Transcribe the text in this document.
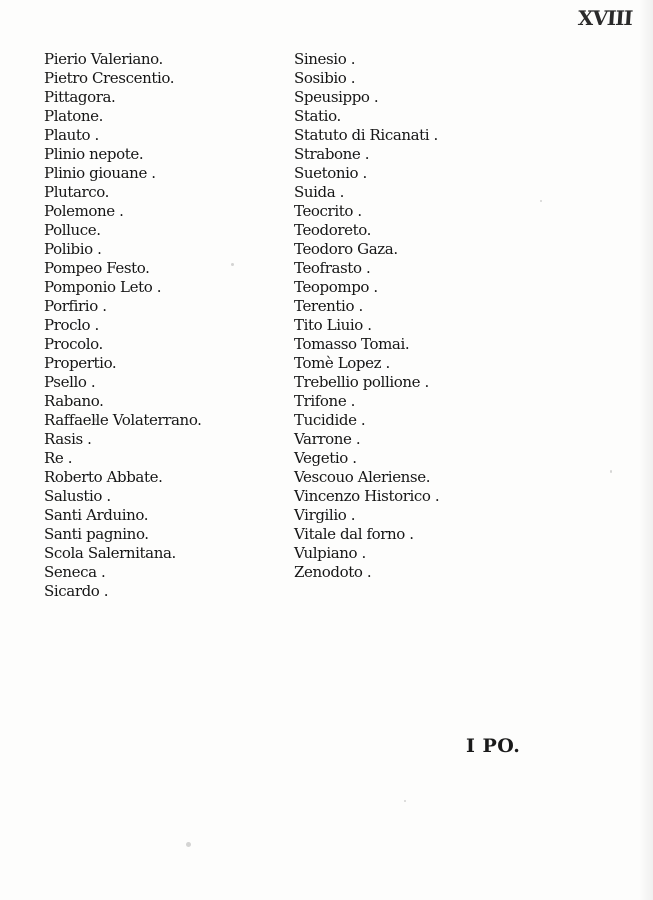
XVIII
Pierio Valeriano.
Pietro Crescentio.
Pittagora.
Platone.
Plauto .
Plinio nepote.
Plinio giouane .
Plutarco.
Polemone .
Polluce.
Polibio .
Pompeo Festo.
Pomponio Leto .
Porfirio .
Proclo .
Procolo.
Propertio.
Psello .
Rabano.
Raffaelle Volaterrano.
Rasis .
Re .
Roberto Abbate.
Salustio .
Santi Arduino.
Santi pagnino.
Scola Salernitana.
Seneca .
Sicardo .
Sinesio .
Sosibio .
Speusippo .
Statio.
Statuto di Ricanati .
Strabone .
Suetonio .
Suida .
Teocrito .
Teodoreto.
Teodoro Gaza.
Teofrasto .
Teopompo .
Terentio .
Tito Liuio .
Tomasso Tomai.
Tomè Lopez .
Trebellio pollione .
Trifone .
Tucidide .
Varrone .
Vegetio .
Vescouo Aleriense.
Vincenzo Historico .
Virgilio .
Vitale dal forno .
Vulpiano .
Zenodoto .
I PO.
